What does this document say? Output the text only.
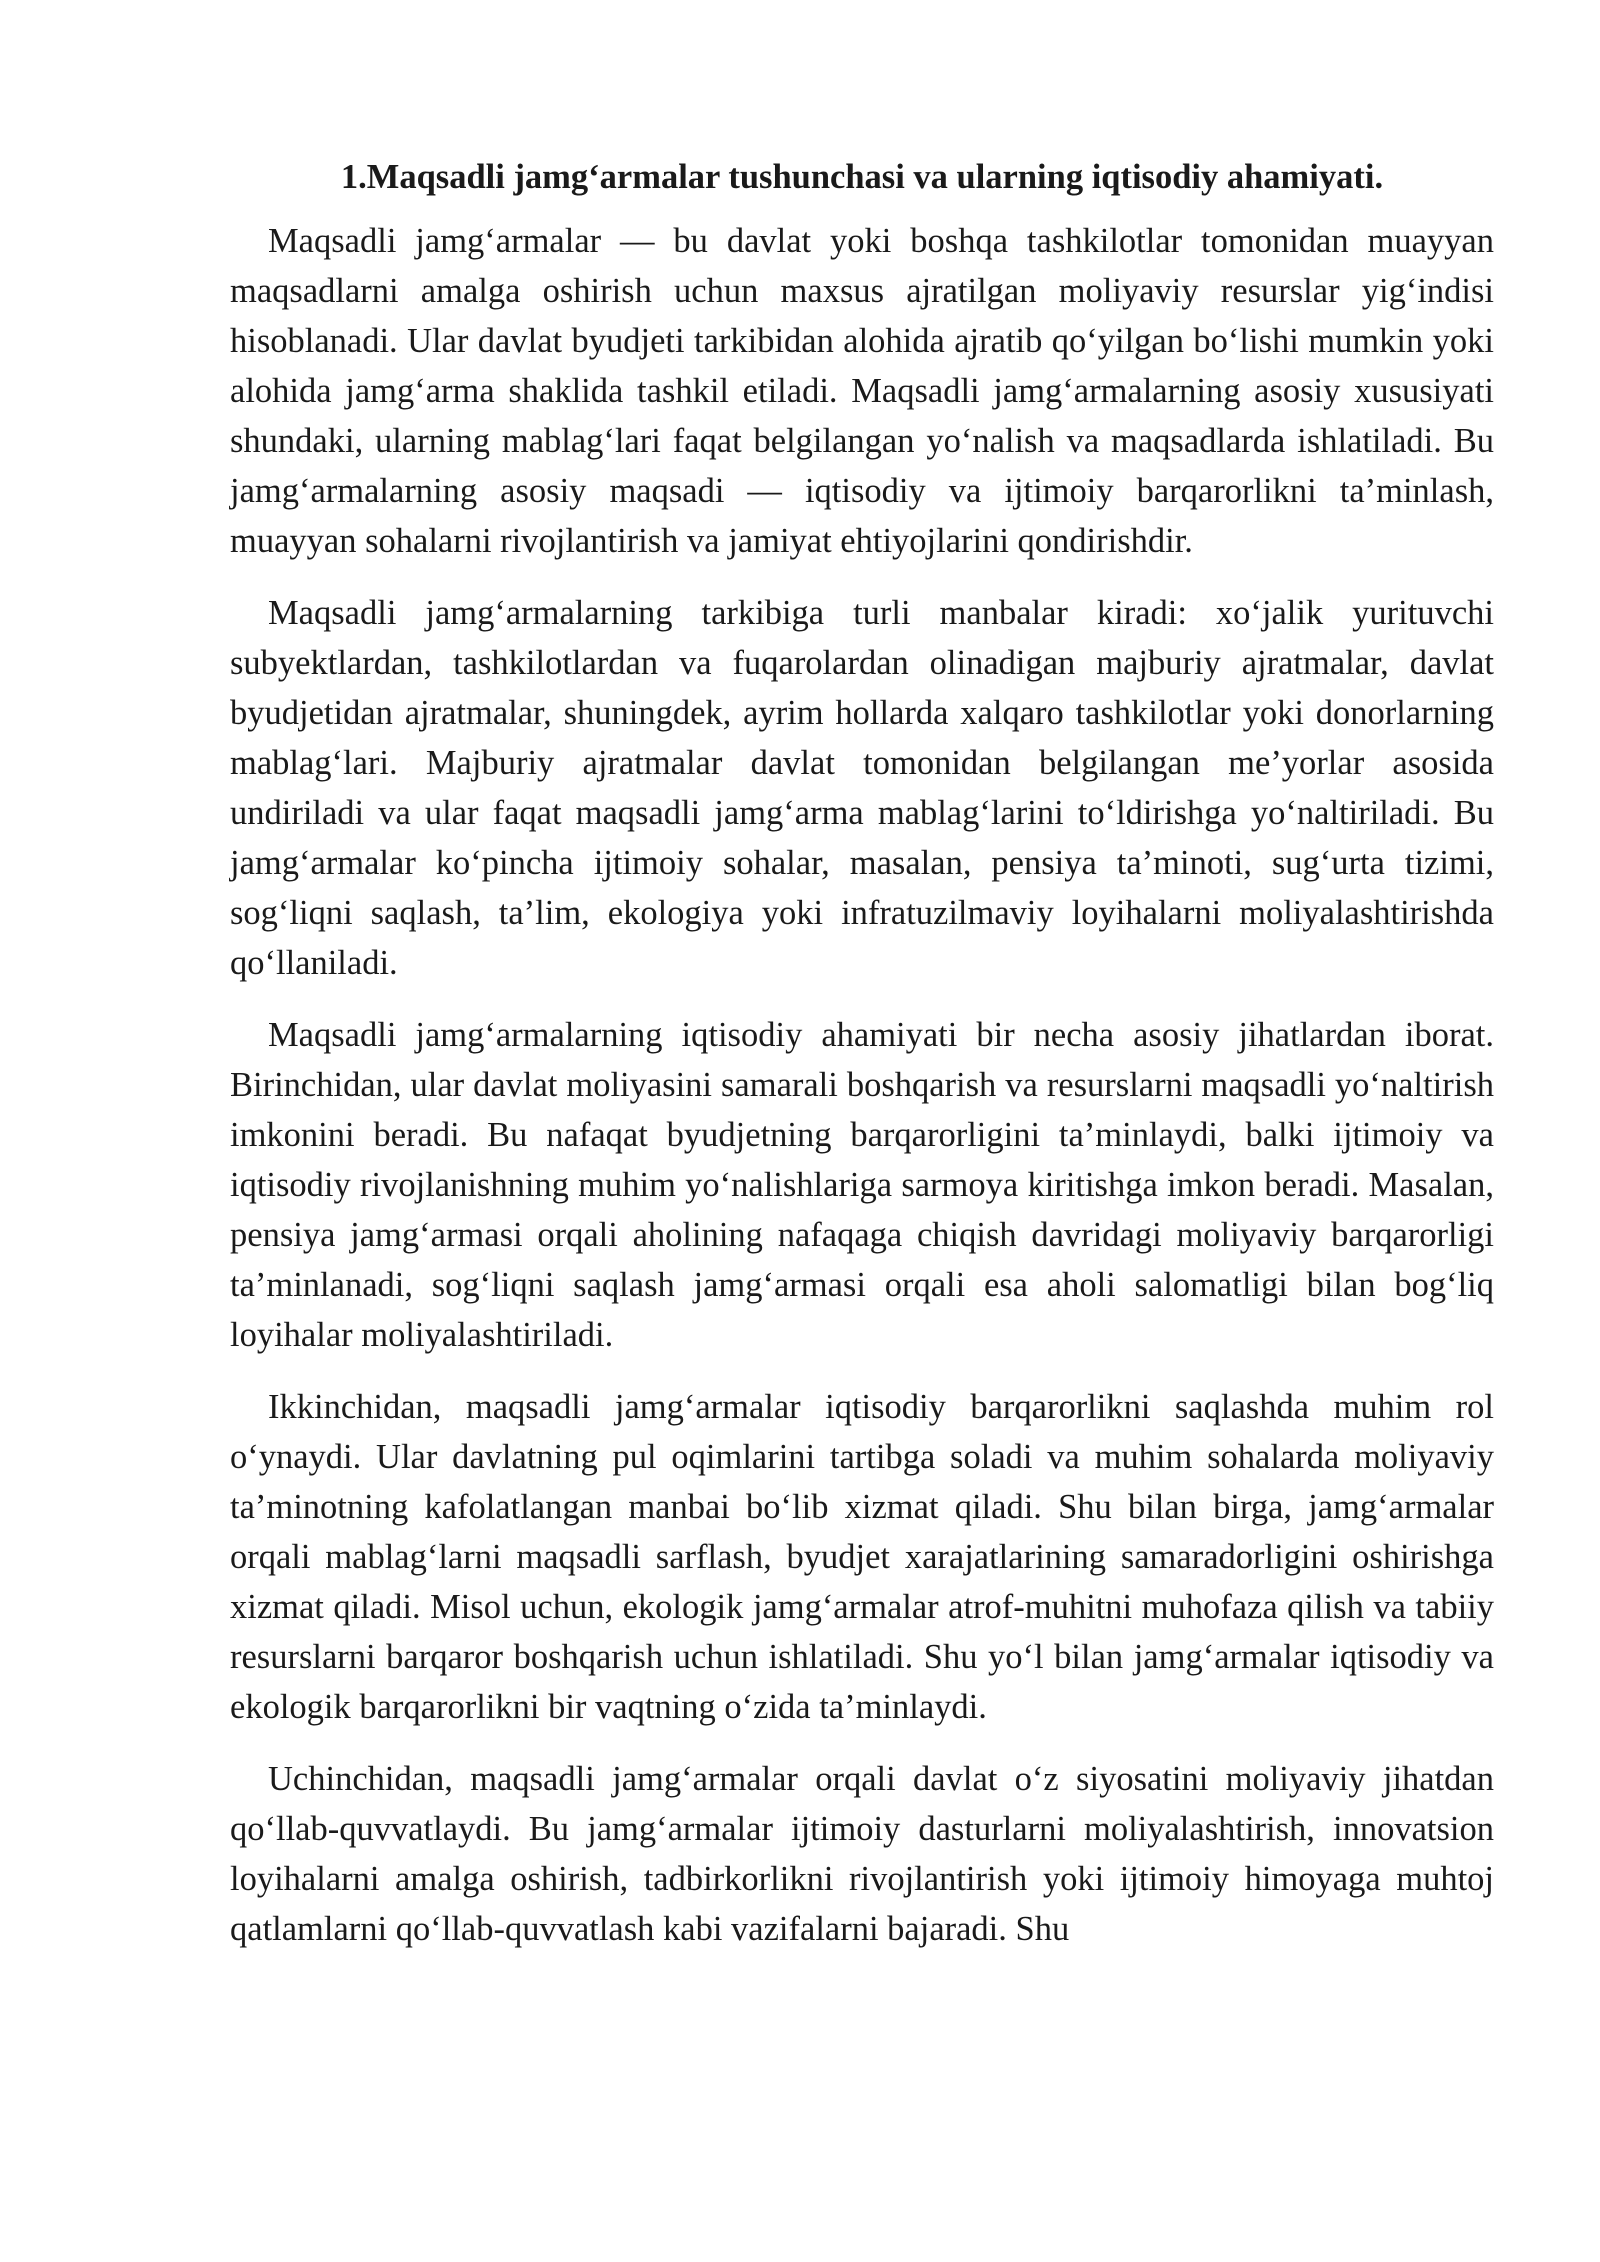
1.Maqsadli jamg‘armalar tushunchasi va ularning iqtisodiy ahamiyati.

Maqsadli jamg‘armalar — bu davlat yoki boshqa tashkilotlar tomonidan muayyan maqsadlarni amalga oshirish uchun maxsus ajratilgan moliyaviy resurslar yig‘indisi hisoblanadi. Ular davlat byudjeti tarkibidan alohida ajratib qo‘yilgan bo‘lishi mumkin yoki alohida jamg‘arma shaklida tashkil etiladi. Maqsadli jamg‘armalarning asosiy xususiyati shundaki, ularning mablag‘lari faqat belgilangan yo‘nalish va maqsadlarda ishlatiladi. Bu jamg‘armalarning asosiy maqsadi — iqtisodiy va ijtimoiy barqarorlikni ta’minlash, muayyan sohalarni rivojlantirish va jamiyat ehtiyojlarini qondirishdir.

Maqsadli jamg‘armalarning tarkibiga turli manbalar kiradi: xo‘jalik yurituvchi subyektlardan, tashkilotlardan va fuqarolardan olinadigan majburiy ajratmalar, davlat byudjetidan ajratmalar, shuningdek, ayrim hollarda xalqaro tashkilotlar yoki donorlarning mablag‘lari. Majburiy ajratmalar davlat tomonidan belgilangan me’yorlar asosida undiriladi va ular faqat maqsadli jamg‘arma mablag‘larini to‘ldirishga yo‘naltiriladi. Bu jamg‘armalar ko‘pincha ijtimoiy sohalar, masalan, pensiya ta’minoti, sug‘urta tizimi, sog‘liqni saqlash, ta’lim, ekologiya yoki infratuzilmaviy loyihalarni moliyalashtirishda qo‘llaniladi.

Maqsadli jamg‘armalarning iqtisodiy ahamiyati bir necha asosiy jihatlardan iborat. Birinchidan, ular davlat moliyasini samarali boshqarish va resurslarni maqsadli yo‘naltirish imkonini beradi. Bu nafaqat byudjetning barqarorligini ta’minlaydi, balki ijtimoiy va iqtisodiy rivojlanishning muhim yo‘nalishlariga sarmoya kiritishga imkon beradi. Masalan, pensiya jamg‘armasi orqali aholining nafaqaga chiqish davridagi moliyaviy barqarorligi ta’minlanadi, sog‘liqni saqlash jamg‘armasi orqali esa aholi salomatligi bilan bog‘liq loyihalar moliyalashtiriladi.

Ikkinchidan, maqsadli jamg‘armalar iqtisodiy barqarorlikni saqlashda muhim rol o‘ynaydi. Ular davlatning pul oqimlarini tartibga soladi va muhim sohalarda moliyaviy ta’minotning kafolatlangan manbai bo‘lib xizmat qiladi. Shu bilan birga, jamg‘armalar orqali mablag‘larni maqsadli sarflash, byudjet xarajatlarining samaradorligini oshirishga xizmat qiladi. Misol uchun, ekologik jamg‘armalar atrof-muhitni muhofaza qilish va tabiiy resurslarni barqaror boshqarish uchun ishlatiladi. Shu yo‘l bilan jamg‘armalar iqtisodiy va ekologik barqarorlikni bir vaqtning o‘zida ta’minlaydi.

Uchinchidan, maqsadli jamg‘armalar orqali davlat o‘z siyosatini moliyaviy jihatdan qo‘llab-quvvatlaydi. Bu jamg‘armalar ijtimoiy dasturlarni moliyalashtirish, innovatsion loyihalarni amalga oshirish, tadbirkorlikni rivojlantirish yoki ijtimoiy himoyaga muhtoj qatlamlarni qo‘llab-quvvatlash kabi vazifalarni bajaradi. Shu
